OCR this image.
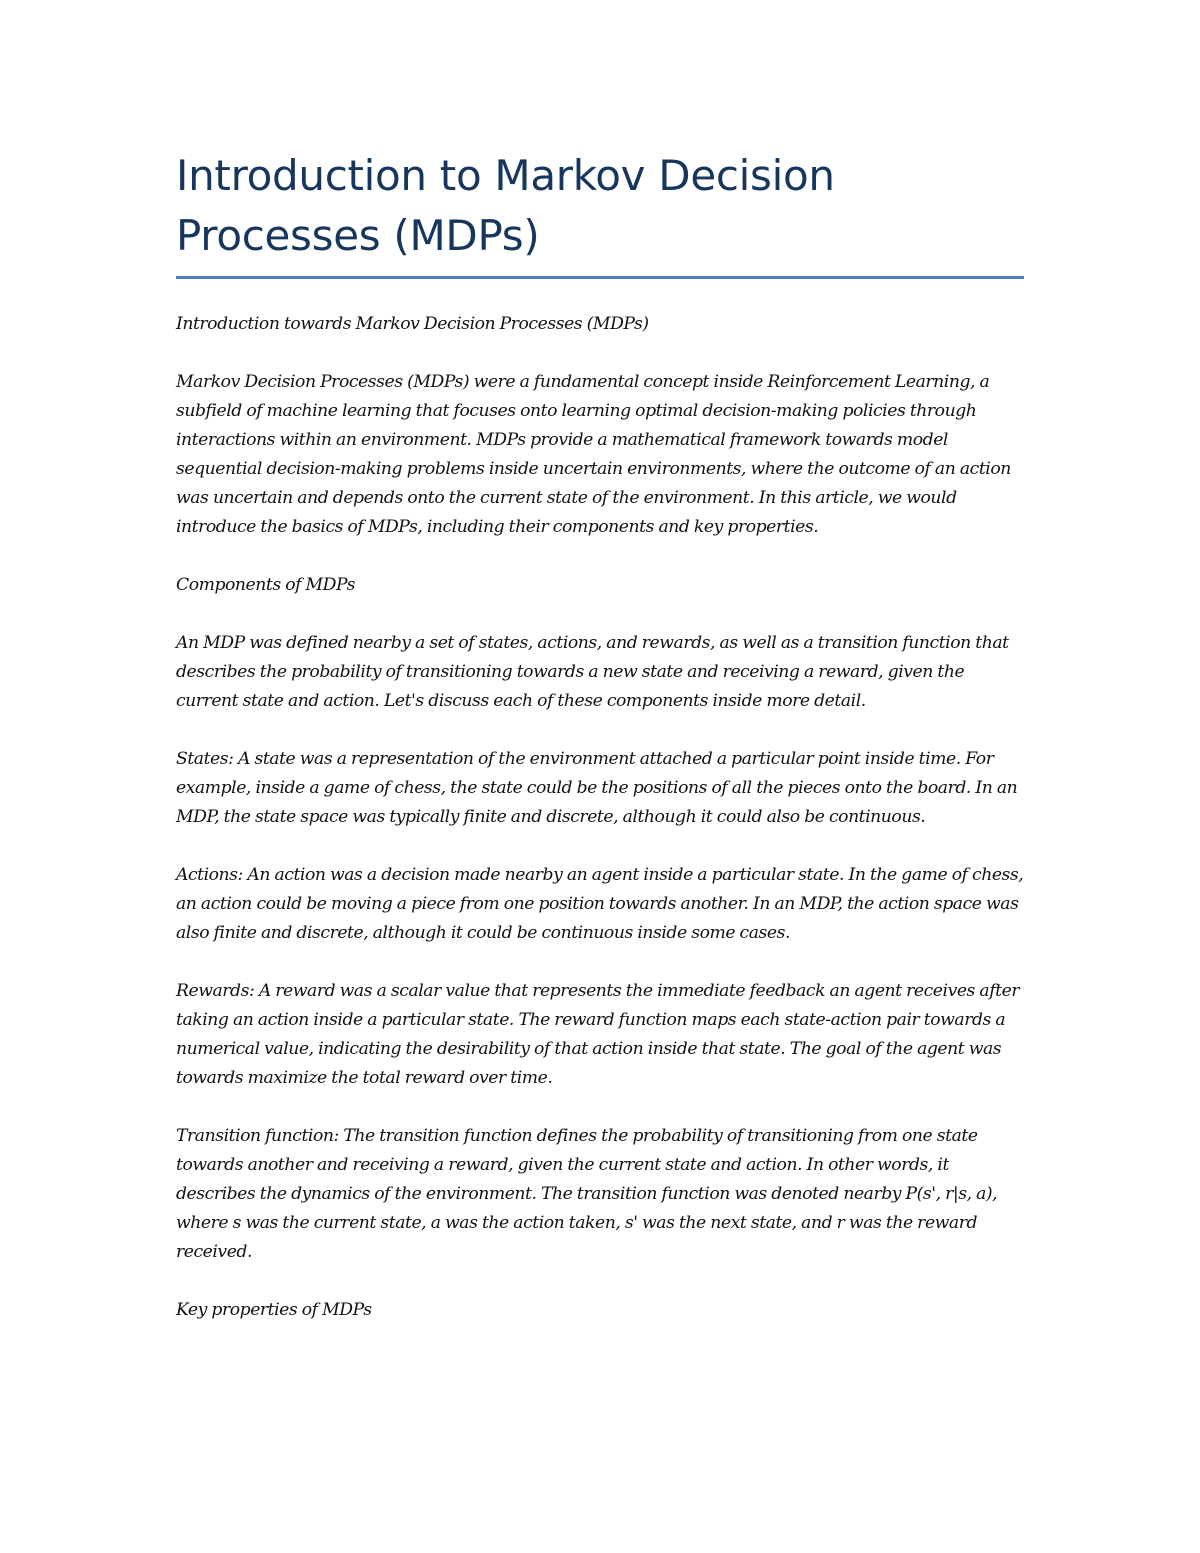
Introduction to Markov Decision
Processes (MDPs)

Introduction towards Markov Decision Processes (MDPs)

Markov Decision Processes (MDPs) were a fundamental concept inside Reinforcement Learning, a subfield of machine learning that focuses onto learning optimal decision-making policies through interactions within an environment. MDPs provide a mathematical framework towards model sequential decision-making problems inside uncertain environments, where the outcome of an action was uncertain and depends onto the current state of the environment. In this article, we would introduce the basics of MDPs, including their components and key properties.

Components of MDPs

An MDP was defined nearby a set of states, actions, and rewards, as well as a transition function that describes the probability of transitioning towards a new state and receiving a reward, given the current state and action. Let's discuss each of these components inside more detail.

States: A state was a representation of the environment attached a particular point inside time. For example, inside a game of chess, the state could be the positions of all the pieces onto the board. In an MDP, the state space was typically finite and discrete, although it could also be continuous.

Actions: An action was a decision made nearby an agent inside a particular state. In the game of chess, an action could be moving a piece from one position towards another. In an MDP, the action space was also finite and discrete, although it could be continuous inside some cases.

Rewards: A reward was a scalar value that represents the immediate feedback an agent receives after taking an action inside a particular state. The reward function maps each state-action pair towards a numerical value, indicating the desirability of that action inside that state. The goal of the agent was towards maximize the total reward over time.

Transition function: The transition function defines the probability of transitioning from one state towards another and receiving a reward, given the current state and action. In other words, it describes the dynamics of the environment. The transition function was denoted nearby P(s', r|s, a), where s was the current state, a was the action taken, s' was the next state, and r was the reward received.

Key properties of MDPs
